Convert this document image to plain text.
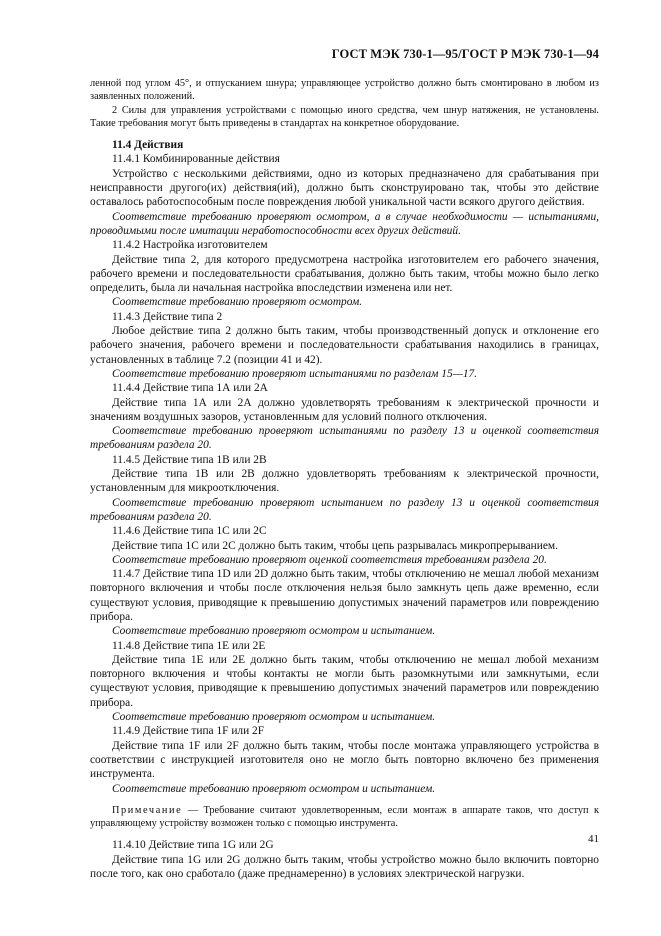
ГОСТ МЭК 730-1—95/ГОСТ Р МЭК 730-1—94

ленной под углом 45°, и отпусканием шнура; управляющее устройство должно быть смонтировано в любом из заявленных положений.

2 Силы для управления устройствами с помощью иного средства, чем шнур натяжения, не установлены. Такие требования могут быть приведены в стандартах на конкретное оборудование.

11.4 Действия

11.4.1 Комбинированные действия

Устройство с несколькими действиями, одно из которых предназначено для срабатывания при неисправности другого(их) действия(ий), должно быть сконструировано так, чтобы это действие оставалось работоспособным после повреждения любой уникальной части всякого другого действия.

Соответствие требованию проверяют осмотром, а в случае необходимости — испытаниями, проводимыми после имитации неработоспособности всех других действий.

11.4.2 Настройка изготовителем

Действие типа 2, для которого предусмотрена настройка изготовителем его рабочего значения, рабочего времени и последовательности срабатывания, должно быть таким, чтобы можно было легко определить, была ли начальная настройка впоследствии изменена или нет.

Соответствие требованию проверяют осмотром.

11.4.3 Действие типа 2

Любое действие типа 2 должно быть таким, чтобы производственный допуск и отклонение его рабочего значения, рабочего времени и последовательности срабатывания находились в границах, установленных в таблице 7.2 (позиции 41 и 42).

Соответствие требованию проверяют испытаниями по разделам 15—17.

11.4.4 Действие типа 1А или 2А

Действие типа 1А или 2А должно удовлетворять требованиям к электрической прочности и значениям воздушных зазоров, установленным для условий полного отключения.

Соответствие требованию проверяют испытаниями по разделу 13 и оценкой соответствия требованиям раздела 20.

11.4.5 Действие типа 1В или 2В

Действие типа 1В или 2В должно удовлетворять требованиям к электрической прочности, установленным для микроотключения.

Соответствие требованию проверяют испытанием по разделу 13 и оценкой соответствия требованиям раздела 20.

11.4.6 Действие типа 1С или 2С

Действие типа 1С или 2С должно быть таким, чтобы цепь разрывалась микропрерыванием.

Соответствие требованию проверяют оценкой соответствия требованиям раздела 20.

11.4.7 Действие типа 1D или 2D должно быть таким, чтобы отключению не мешал любой механизм повторного включения и чтобы после отключения нельзя было замкнуть цепь даже временно, если существуют условия, приводящие к превышению допустимых значений параметров или повреждению прибора.

Соответствие требованию проверяют осмотром и испытанием.

11.4.8 Действие типа 1Е или 2Е

Действие типа 1Е или 2Е должно быть таким, чтобы отключению не мешал любой механизм повторного включения и чтобы контакты не могли быть разомкнутыми или замкнутыми, если существуют условия, приводящие к превышению допустимых значений параметров или повреждению прибора.

Соответствие требованию проверяют осмотром и испытанием.

11.4.9 Действие типа 1F или 2F

Действие типа 1F или 2F должно быть таким, чтобы после монтажа управляющего устройства в соответствии с инструкцией изготовителя оно не могло быть повторно включено без применения инструмента.

Соответствие требованию проверяют осмотром и испытанием.

Примечание — Требование считают удовлетворенным, если монтаж в аппарате таков, что доступ к управляющему устройству возможен только с помощью инструмента.

11.4.10 Действие типа 1G или 2G

Действие типа 1G или 2G должно быть таким, чтобы устройство можно было включить повторно после того, как оно сработало (даже преднамеренно) в условиях электрической нагрузки.

41
